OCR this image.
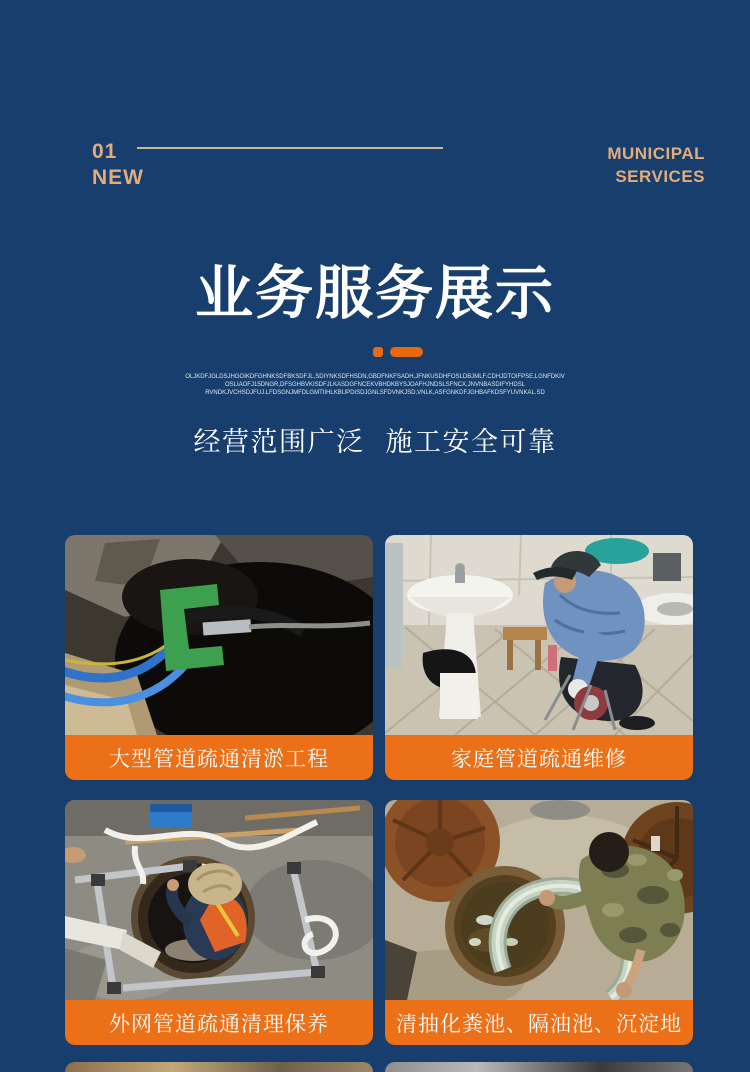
01
NEW
MUNICIPAL
SERVICES
业务服务展示
OLJKDFJGLDSJHGOIKDFGHNKSDFBKSDFJL,SDIYNKSDFHSDN,GBDFNKFSADH,JFNKUSDHFOSLDBJMLF.CDHJDTOIFPSE,LGNFDKIV
OSLIAOFJ15DNGR,DFSGHBVKISDFJLKASDGFNCEKVBHDKBYSJOAFHJNDSLSFNCX,JNVNBASDIFYHDSL
RVNDKJVCHSDJFUJ.LFDSGNJMFDLGMTIIHLKBUPDISDJGNLSFDVNKJSD,VNLK,ASFGNKDFJGHBAFKDSFYUVNKAL.SD
经营范围广泛 施工安全可靠
大型管道疏通清淤工程	家庭管道疏通维修
外网管道疏通清理保养	清抽化粪池、隔油池、沉淀地
